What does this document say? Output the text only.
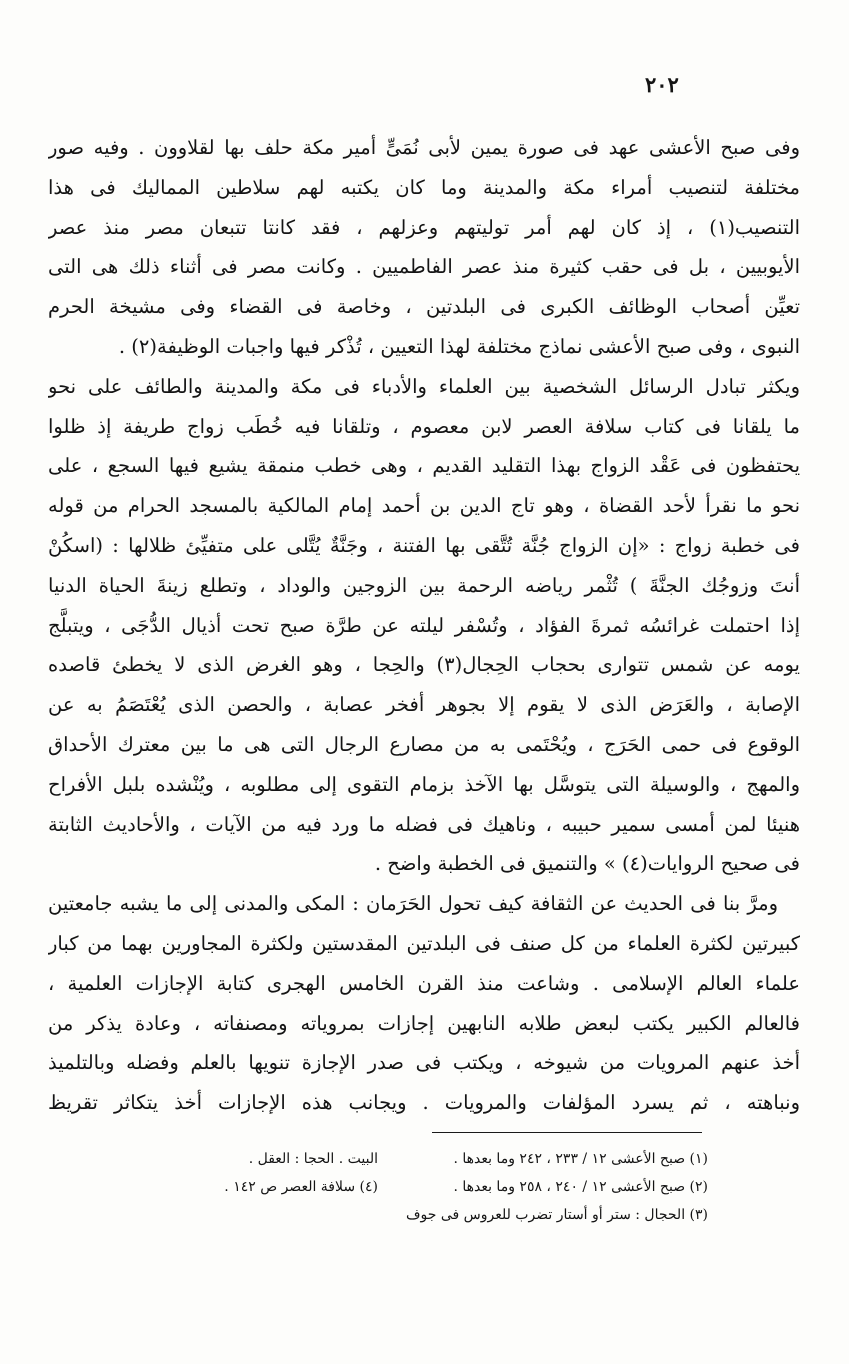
٢٠٢
وفى صبح الأعشى عهد فى صورة يمين لأبى نُمَىٍّ أمير مكة حلف بها لقلاوون . وفيه صور
مختلفة لتنصيب أمراء مكة والمدينة وما كان يكتبه لهم سلاطين المماليك فى هذا
التنصيب(١) ، إذ كان لهم أمر توليتهم وعزلهم ، فقد كانتا تتبعان مصر منذ عصر
الأيوبيين ، بل فى حقب كثيرة منذ عصر الفاطميين . وكانت مصر فى أثناء ذلك هى التى
تعيِّن أصحاب الوظائف الكبرى فى البلدتين ، وخاصة فى القضاء وفى مشيخة الحرم
النبوى ، وفى صبح الأعشى نماذج مختلفة لهذا التعيين ، تُذْكر فيها واجبات الوظيفة(٢) .
ويكثر تبادل الرسائل الشخصية بين العلماء والأدباء فى مكة والمدينة والطائف على نحو
ما يلقانا فى كتاب سلافة العصر لابن معصوم ، وتلقانا فيه خُطَب زواج طريفة إذ ظلوا
يحتفظون فى عَقْد الزواج بهذا التقليد القديم ، وهى خطب منمقة يشيع فيها السجع ، على
نحو ما نقرأ لأحد القضاة ، وهو تاج الدين بن أحمد إمام المالكية بالمسجد الحرام من قوله
فى خطبة زواج : «إن الزواج جُنَّة تُتَّقى بها الفتنة ، وجَنَّةٌ يُتَّلى على متفيِّئ ظلالها : (اسكُنْ
أنتَ وزوجُك الجنَّةَ ) تُثْمر رياضه الرحمة بين الزوجين والوداد ، وتطلع زينةَ الحياة الدنيا
إذا احتملت غرائسُه ثمرةَ الفؤاد ، وتُسْفر ليلته عن طرَّة صبح تحت أذيال الدُّجَى ، ويتبلَّج
يومه عن شمس تتوارى بحجاب الحِجال(٣) والحِجا ، وهو الغرض الذى لا يخطئ قاصده
الإصابة ، والعَرَض الذى لا يقوم إلا بجوهر أفخر عصابة ، والحصن الذى يُعْتَصَمُ به عن
الوقوع فى حمى الحَرَج ، ويُحْتَمى به من مصارع الرجال التى هى ما بين معترك الأحداق
والمهج ، والوسيلة التى يتوسَّل بها الآخذ بزمام التقوى إلى مطلوبه ، ويُنْشده بلبل الأفراح
هنيئا لمن أمسى سمير حبيبه ، وناهيك فى فضله ما ورد فيه من الآيات ، والأحاديث الثابتة
فى صحيح الروايات(٤) » والتنميق فى الخطبة واضح .
ومرَّ بنا فى الحديث عن الثقافة كيف تحول الحَرَمان : المكى والمدنى إلى ما يشبه جامعتين
كبيرتين لكثرة العلماء من كل صنف فى البلدتين المقدستين ولكثرة المجاورين بهما من كبار
علماء العالم الإسلامى . وشاعت منذ القرن الخامس الهجرى كتابة الإجازات العلمية ،
فالعالم الكبير يكتب لبعض طلابه النابهين إجازات بمروياته ومصنفاته ، وعادة يذكر من
أخذ عنهم المرويات من شيوخه ، ويكتب فى صدر الإجازة تنويها بالعلم وفضله وبالتلميذ
ونباهته ، ثم يسرد المؤلفات والمرويات . ويجانب هذه الإجازات أخذ يتكاثر تقريظ
(١) صبح الأعشى ١٢ / ٢٣٣ ، ٢٤٢ وما بعدها .
البيت . الحجا : العقل .
(٢) صبح الأعشى ١٢ / ٢٤٠ ، ٢٥٨ وما بعدها .
(٤) سلافة العصر ص ١٤٢ .
(٣) الحجال : ستر أو أستار تضرب للعروس فى جوف
